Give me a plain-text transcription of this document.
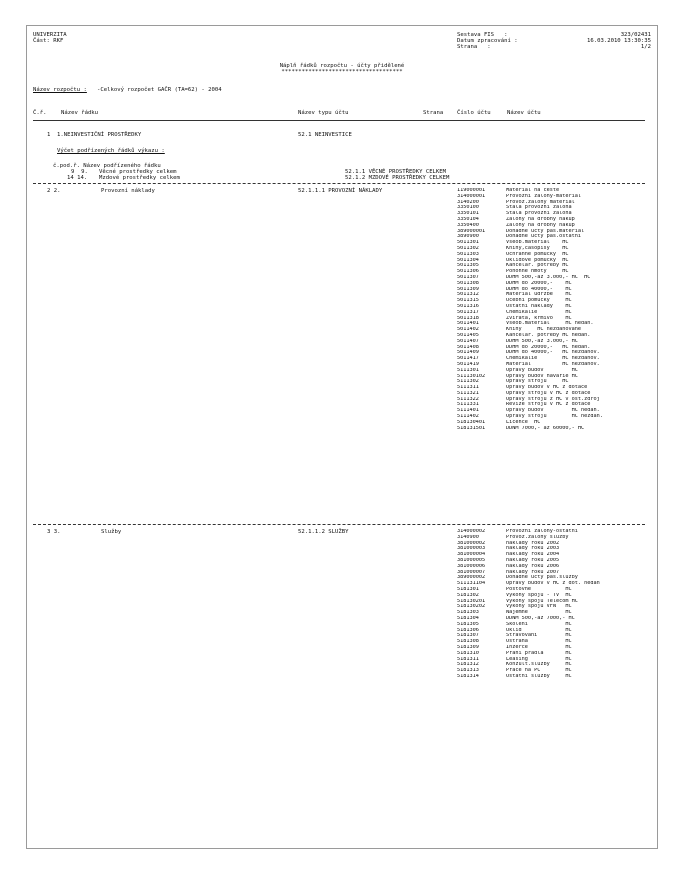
UNIVERZITA
Část: RKF
Sestava FIS   :	323/02431
Datum zpracování :	16.03.2010 13:30:35
Strana   :	1/2
Náplň řádků rozpočtu - účty přidělené
************************************
Název rozpočtu : -Celkový rozpočet GAČR (TA=62) - 2004
Č.ř.	Název řádku	Název typu účtu	Strana Číslo účtu	Název účtu
1 1.NEINVESTIČNÍ PROSTŘEDKY	52.1 NEINVESTICE
Výčet podřízených řádků výkazu :
č.pod.ř. Název podřízeného řádku
9  9. Věcné prostředky celkem	52.1.1 VĚCNÉ PROSTŘEDKY CELKEM
14 14. Mzdové prostředky celkem	52.1.2 MZDOVÉ PROSTŘEDKY CELKEM
2 2.	Provozní náklady	52.1.1.1 PROVOZNÍ NÁKLADY	119000001	Materiál na cestě
314000001	Provozní zálohy-materiál
3140200	Provoz.zálohy materiál
3350100	Stálá provozní záloha
3350101	Stálá provozní záloha
3350104	Zálohy na drobný nákup
3350400	Zálohy na drobný nákup
389000001	Dohadné účty pas.materiál
3890900	Dohadné účty pas.ostatní
5011301	Všeob.materiál    HČ
5011302	Knihy,časopisy    HČ
5011303	Ochranné pomůcky  HČ
5011304	Úklidové pomůcky  HČ
5011305	Kancelář. potřeby HČ
5011306	Pohonné hmoty     HČ
5011307	DDHM 500,-až 3.000,- HČ  HČ
5011308	DDHM do 20000,-    HČ
5011309	DDHM do 40000,-    HČ
5011312	Materiál údržbe    HČ
5011315	Učební pomůcky     HČ
5011316	Ostatní náklady    HČ
5011317	Chemikálie         HČ
5011318	Zvířata, krmivo    HČ
5011401	Všeob.materiál     HČ nedaň.
5011402	Knihy     HČ nezdaňované
5011405	Kancelář. potřeby HČ nedaň.
5011407	DDHM 500,-až 3.000,- HČ
5011408	DDHM do 20000,-   HČ nedaň.
5011409	DDHM do 40000,-   HČ nezdaňov.
5011417	Chemikálie        HČ nezdaňov.
5011419	Materiál          HČ nezdaňov.
5111301	Opravy budov         HČ
511130102	Opravy budov havarie HČ
5111302	Opravy strojů     HČ
5111311	Opravy budov v HČ z dotace
5111321	Opravy strojů v HČ z dotace
5111322	Opravy strojů z HČ v ost.zdroj
5111331	Revize strojů v HČ z dotace
5111401	Opravy budov         HČ nedaň.
5111402	Opravy strojů        HČ nezdaň.
518130401	Licence  HČ
518131501	DDNM 7000,- až 60000,- HČ
3 3.	Služby	52.1.1.2 SLUŽBY	314000002	Provozní zálohy-ostatní
3140900	Provoz.zálohy služby
381000002	náklady roku 2002
381000003	náklady roku 2003
381000004	náklady roku 2004
381000005	náklady roku 2005
381000006	náklady roku 2006
381000007	náklady roku 2007
389000002	Dohadné účty pas.služby
511131104	Opravy budov v HČ z dot. nedaň
5181301	Poštovné           HČ
5181302	Výkony spojů - TV  HČ
518130201	Výkony spojů Telecom HČ
518130202	Výkony spojů VFN   HČ
5181303	Nájemné            HČ
5181304	DDNM 500,-až 7000,- HČ
5181305	Školení            HČ
5181306	Úklid              HČ
5181307	Stravování         HČ
5181308	Ostraha            HČ
5181309	Inzerce            HČ
5181310	Praní prádla       HČ
5181311	Leasing            HČ
5181312	Konzult.služby     HČ
5181313	Práce na PC        HČ
5181314	Ostatní služby     HČ
